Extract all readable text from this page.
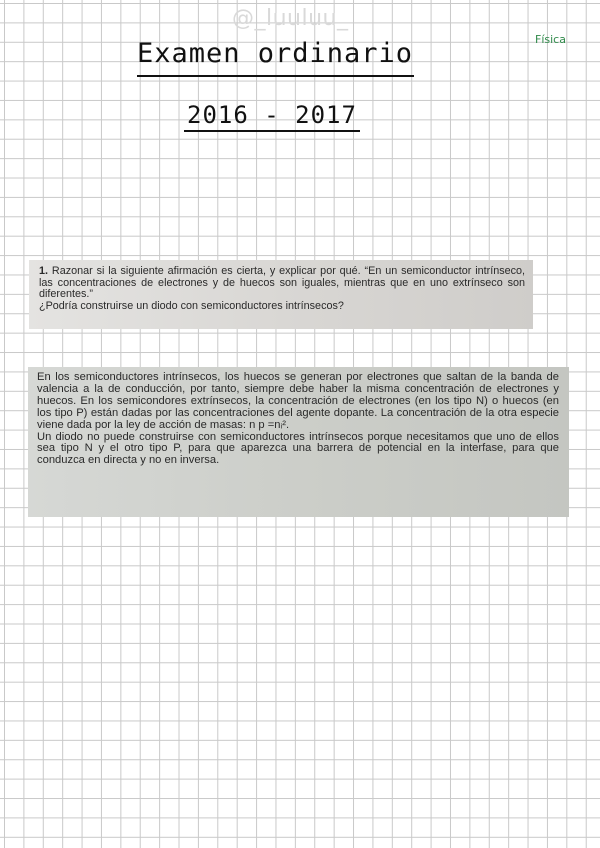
@_luuluu_
Física
Examen ordinario
2016 - 2017

1. Razonar si la siguiente afirmación es cierta, y explicar por qué. “En un semiconductor intrínseco, las concentraciones de electrones y de huecos son iguales, mientras que en uno extrínseco son diferentes.”

¿Podría construirse un diodo con semiconductores intrínsecos?

En los semiconductores intrínsecos, los huecos se generan por electrones que saltan de la banda de valencia a la de conducción, por tanto, siempre debe haber la misma concentración de electrones y huecos. En los semicondores extrínsecos, la concentración de electrones (en los tipo N) o huecos (en los tipo P) están dadas por las concentraciones del agente dopante. La concentración de la otra especie viene dada por la ley de acción de masas: n p =nᵢ².

Un diodo no puede construirse con semiconductores intrínsecos porque necesitamos que uno de ellos sea tipo N y el otro tipo P, para que aparezca una barrera de potencial en la interfase, para que conduzca en directa y no en inversa.
